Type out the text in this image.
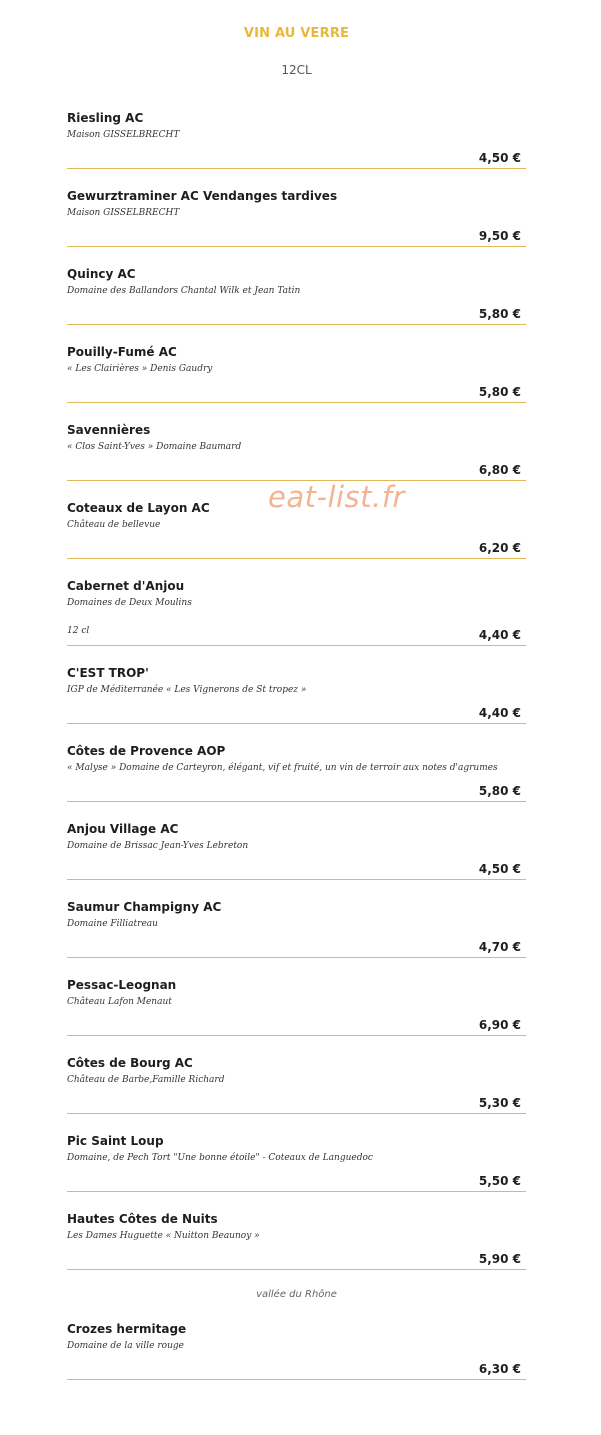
VIN AU VERRE
12CL
Riesling AC
Maison GISSELBRECHT
4,50 €
Gewurztraminer AC Vendanges tardives
Maison GISSELBRECHT
9,50 €
Quincy AC
Domaine des Ballandors Chantal Wilk et Jean Tatin
5,80 €
Pouilly-Fumé AC
« Les Clairières » Denis Gaudry
5,80 €
Savennières
« Clos Saint-Yves » Domaine Baumard
6,80 €
Coteaux de Layon AC
Château de bellevue
6,20 €
Cabernet d'Anjou
Domaines de Deux Moulins
12 cl	4,40 €
C'EST TROP'
IGP de Méditerranée « Les Vignerons de St tropez »
4,40 €
Côtes de Provence AOP
« Malyse » Domaine de Carteyron, élégant, vif et fruité, un vin de terroir aux notes d'agrumes
5,80 €
Anjou Village AC
Domaine de Brissac Jean-Yves Lebreton
4,50 €
Saumur Champigny AC
Domaine Filliatreau
4,70 €
Pessac-Leognan
Château Lafon Menaut
6,90 €
Côtes de Bourg AC
Château de Barbe,Famille Richard
5,30 €
Pic Saint Loup
Domaine, de Pech Tort "Une bonne étoile" - Coteaux de Languedoc
5,50 €
Hautes Côtes de Nuits
Les Dames Huguette « Nuitton Beaunoy »
5,90 €
vallée du Rhône
Crozes hermitage
Domaine de la ville rouge
6,30 €
eat-list.fr
